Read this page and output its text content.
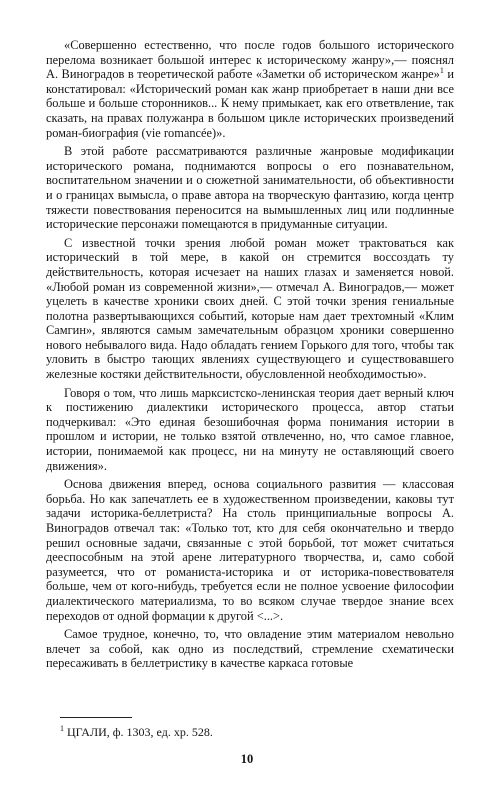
«Совершенно естественно, что после годов большого исторического перелома возникает большой интерес к историческому жанру»,— пояснял А. Виноградов в теоретической работе «Заметки об историческом жанре»$^1$ и констатировал: «Исторический роман как жанр приобретает в наши дни все больше и больше сторонников... К нему примыкает, как его ответвление, так сказать, на правах полужанра в большом цикле исторических произведений роман-биография (vie romancée)».

В этой работе рассматриваются различные жанровые модификации исторического романа, поднимаются вопросы о его познавательном, воспитательном значении и о сюжетной занимательности, об объективности и о границах вымысла, о праве автора на творческую фантазию, когда центр тяжести повествования переносится на вымышленных лиц или подлинные исторические персонажи помещаются в придуманные ситуации.

С известной точки зрения любой роман может трактоваться как исторический в той мере, в какой он стремится воссоздать ту действительность, которая исчезает на наших глазах и заменяется новой. «Любой роман из современной жизни»,— отмечал А. Виноградов,— может уцелеть в качестве хроники своих дней. С этой точки зрения гениальные полотна развертывающихся событий, которые нам дает трехтомный «Клим Самгин», являются самым замечательным образцом хроники совершенно нового небывалого вида. Надо обладать гением Горького для того, чтобы так уловить в быстро тающих явлениях существующего и существовавшего железные костяки действительности, обусловленной необходимостью».

Говоря о том, что лишь марксистско-ленинская теория дает верный ключ к постижению диалектики исторического процесса, автор статьи подчеркивал: «Это единая безошибочная форма понимания истории в прошлом и истории, не только взятой отвлеченно, но, что самое главное, истории, понимаемой как процесс, ни на минуту не оставляющий своего движения».

Основа движения вперед, основа социального развития — классовая борьба. Но как запечатлеть ее в художественном произведении, каковы тут задачи историка-беллетриста? На столь принципиальные вопросы А. Виноградов отвечал так: «Только тот, кто для себя окончательно и твердо решил основные задачи, связанные с этой борьбой, тот может считаться дееспособным на этой арене литературного творчества, и, само собой разумеется, что от романиста-историка и от историка-повествователя больше, чем от кого-нибудь, требуется если не полное усвоение философии диалектического материализма, то во всяком случае твердое знание всех переходов от одной формации к другой <...>.

Самое трудное, конечно, то, что овладение этим материалом невольно влечет за собой, как одно из последствий, стремление схематически пересаживать в беллетристику в качестве каркаса готовые

$^1$ ЦГАЛИ, ф. 1303, ед. хр. 528.
10
